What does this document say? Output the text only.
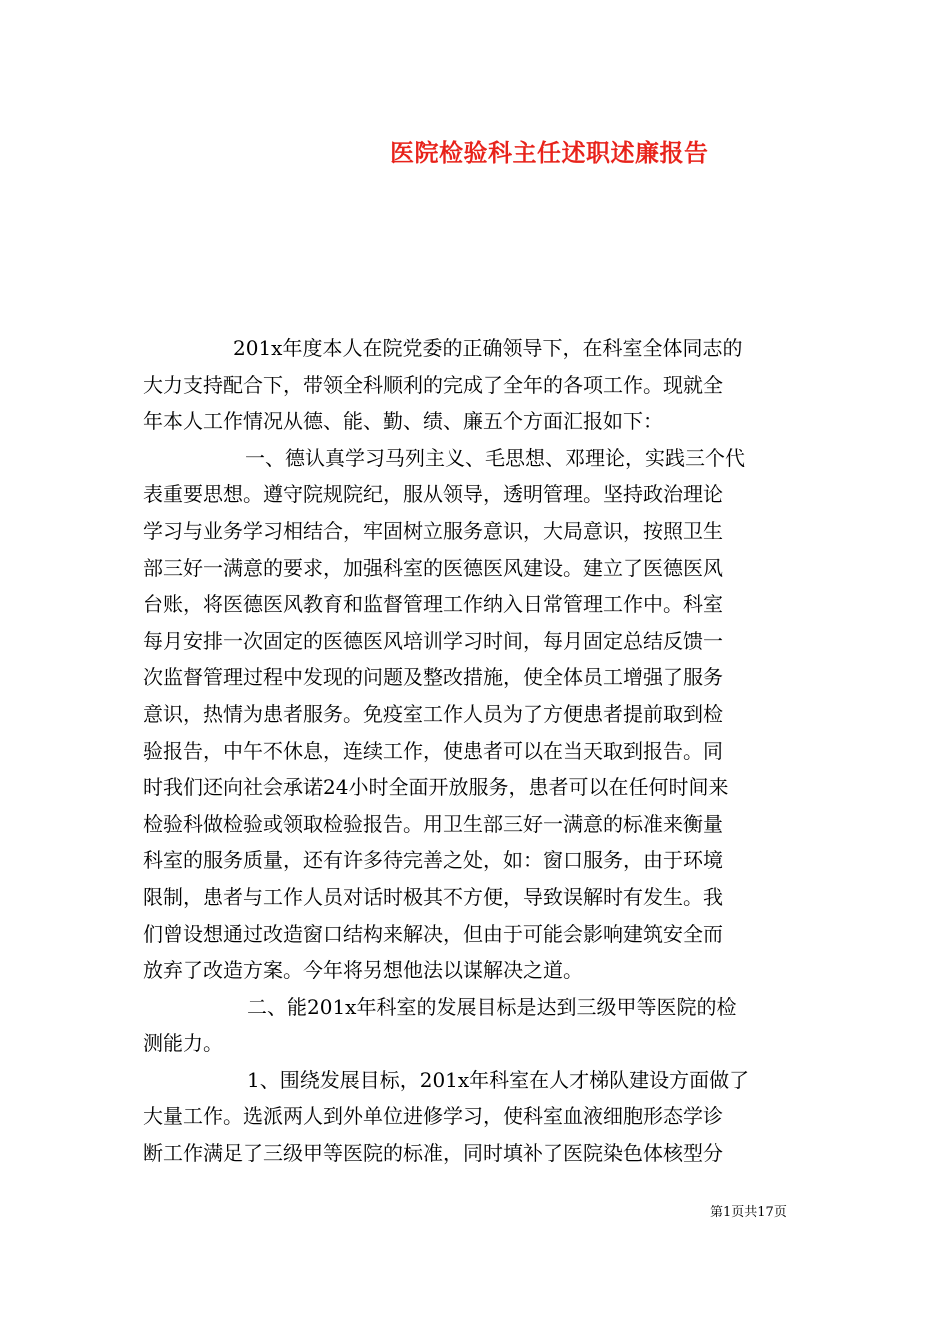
医院检验科主任述职述廉报告
201x年度本人在院党委的正确领导下，在科室全体同志的
大力支持配合下，带领全科顺利的完成了全年的各项工作。现就全
年本人工作情况从德、能、勤、绩、廉五个方面汇报如下：
一、德认真学习马列主义、毛思想、邓理论，实践三个代
表重要思想。遵守院规院纪，服从领导，透明管理。坚持政治理论
学习与业务学习相结合，牢固树立服务意识，大局意识，按照卫生
部三好一满意的要求，加强科室的医德医风建设。建立了医德医风
台账，将医德医风教育和监督管理工作纳入日常管理工作中。科室
每月安排一次固定的医德医风培训学习时间，每月固定总结反馈一
次监督管理过程中发现的问题及整改措施，使全体员工增强了服务
意识，热情为患者服务。免疫室工作人员为了方便患者提前取到检
验报告，中午不休息，连续工作，使患者可以在当天取到报告。同
时我们还向社会承诺24小时全面开放服务，患者可以在任何时间来
检验科做检验或领取检验报告。用卫生部三好一满意的标准来衡量
科室的服务质量，还有许多待完善之处，如：窗口服务，由于环境
限制，患者与工作人员对话时极其不方便，导致误解时有发生。我
们曾设想通过改造窗口结构来解决，但由于可能会影响建筑安全而
放弃了改造方案。今年将另想他法以谋解决之道。
二、能201x年科室的发展目标是达到三级甲等医院的检
测能力。
1、围绕发展目标，201x年科室在人才梯队建设方面做了
大量工作。选派两人到外单位进修学习，使科室血液细胞形态学诊
断工作满足了三级甲等医院的标准，同时填补了医院染色体核型分
第1页共17页
